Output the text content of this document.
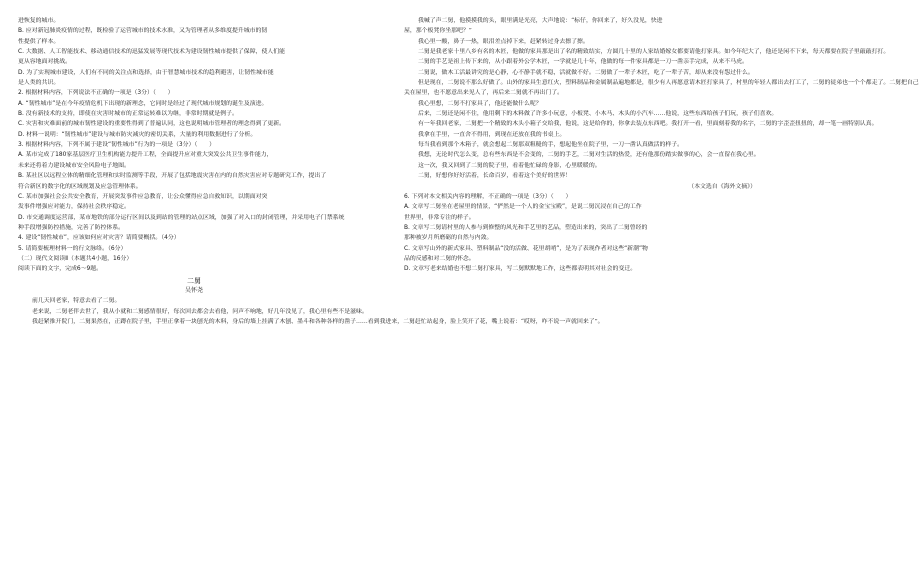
进恢复的城市。

B. 应对新冠肺炎疫情的过程，既检验了运营城市的技术水准，又为管理者从多维度提升城市的韧

性提供了样本。

C. 大数据、人工智能技术、移动通信技术的迅猛发展等现代技术为建设韧性城市提供了保障，使人们能

更从容地面对挑战。

D. 为了实现城市建设，人们有不同的关注点和选择，由于智慧城市技术的趋利避害，让韧性城市能

是人类的共识。

2. 根据材料内容，下列说法不正确的一项是（3分）（　　）

A. “韧性城市”是在今年疫情危机下出现的新理念，它同时是经过了现代城市规划的诞生及演进。

B. 没有新技术的支持，即使在灾害时城市的正常运转难以为继，非常时期就是例子。

C. 灾害和灾难面前的城市韧性建设的重要性得到了普遍认同，这也说明城市管理者的理念得到了更新。

D. 材料一说明：“韧性城市”建设与城市防灾减灾的密切关系，大量的利用数据进行了分析。

3. 根据材料内容，下列不属于建设“韧性城市”行为的一项是（3分）（　　）

A. 某市完成了180家基层医疗卫生机构能力提升工程，全面提升应对重大突发公共卫生事件能力，

未来还将着力建设城市安全风险电子地图。

B. 某社区以远程立体的精细化管理和实时监测等手段，开展了包括地震灾害在内的自然灾害应对专题研究工作，提出了

符合新区的数字化的区域规划及应急管理体系。

C. 某市加强社会公共安全教育，开展突发事件应急教育，让公众懂得应急自救知识，以期面对突

发事件增强应对能力，保持社会秩序稳定。

D. 市交通调度运营部，某市地铁的部分运行区间以及到站的管理的站点区域，加强了对入口的封闭管理，并采用电子门禁系统

种手段增强防控措施，完善了防控体系。

4. 建设“韧性城市”，应该如何应对灾害？请简要概括。（4分）

5. 请简要梳理材料一的行文脉络。（6分）

（二）现代文阅读Ⅱ（本题共4小题，16分）

阅读下面的文字，完成6～9题。

二舅

吴怀尧

前几天回老家，特意去看了二舅。

老来说，二舅老伴去世了，我从小就和二舅感情很好，每次回去都会去看他，问声不响地，好几年没见了，我心里有些不是滋味。

我赶紧推开院门，二舅果然在，正蹲在院子里，手里正拿着一块刨光的木料，身后的墙上挂满了木刨、墨斗和各种各样的凿子……看到我进来，二舅赶忙站起身，脸上笑开了花，嘴上说着：“哎呀，咋不说一声就回来了”。

我喊了声二舅，他摸摸我的头，眼里满是光亮，大声地说：“标仔，你回来了，好久没见，快进

屋，那个板凳你坐那吧？”

我心里一酸，鼻子一热，眼泪差点掉下来，赶紧转过身去擦了擦。

二舅是我老家十里八乡有名的木匠，他做的家具那是出了名的精致结实，方圆几十里的人家结婚嫁女都要请他打家具。如今年纪大了，他还是闲不下来，每天都要在院子里敲敲打打。

二舅的手艺是祖上传下来的，从小跟着外公学木匠，一学就是几十年，他做的每一件家具都是一刀一凿亲手完成，从来不马虎。

二舅说，做木工活最讲究的是心静，心不静手就不稳，活就做不好。二舅做了一辈子木匠，吃了一辈子苦，却从来没有怨过什么。

但是现在，二舅说不那么好做了。山外的家具生意红火，塑料制品和金属制品遍地都是，很少有人再愿意请木匠打家具了，村里的年轻人都出去打工了，二舅的徒弟也一个个都走了。二舅把自己

关在屋里，也不愿意出来见人了，再后来二舅就不再出门了。

我心里想，二舅不打家具了，他还能做什么呢？

后来，二舅还是闲不住，他用剩下的木料做了许多小玩意，小板凳、小木马、木头的小汽车……他说，这些东西给孩子们玩，孩子们喜欢。

有一年我回老家，二舅把一个精致的木头小箱子交给我，他说，这是给你的，你拿去装点东西吧。我打开一看，里面刻着我的名字，二舅的字歪歪扭扭的，却一笔一画特别认真。

我拿在手里，一直舍不得用，到现在还放在我的书桌上。

每当我看到那个木箱子，就会想起二舅那双粗糙的手，想起他坐在院子里，一刀一凿认真做活的样子。

我想，无论时代怎么变，总有些东西是不会变的，二舅的手艺，二舅对生活的热爱，还有他那份踏实做事的心，会一直留在我心里。

这一次，我又回到了二舅的院子里，看着他忙碌的身影，心里暖暖的。

二舅，好想你好好活着，长命百岁，看着这个美好的世界！

（本文选自《海外文摘》）

6. 下列对本文相关内容的理解，不正确的一项是（3分）（　　）

A. 文章写二舅坐在老屋里的情景，“俨然是一个人的金宝宝殿”，是说二舅沉浸在自己的工作

世界里，非常专注的样子。

B. 文章写二舅请村里的人参与到修整的风光和手艺里的艺品，塑造出来的，突出了二舅曾经的

那种被岁月所磨砺的自然与内敛。

C. 文章写山外的新式家具、塑料制品“没的活做、花里胡哨”，是为了表现作者对这些“新潮”物

品的反感和对二舅的怀念。

D. 文章写老来结婚也不想二舅打家具，写二舅默默地工作，这些都表明其对社会的变迁。
